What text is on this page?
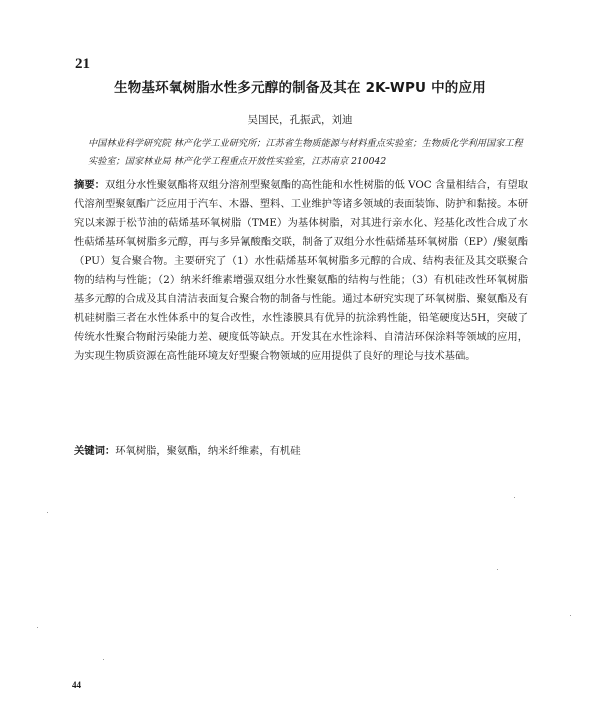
21
生物基环氧树脂水性多元醇的制备及其在 2K-WPU 中的应用
吴国民，孔振武，刘迪
中国林业科学研究院 林产化学工业研究所；江苏省生物质能源与材料重点实验室；生物质化学利用国家工程实验室；国家林业局 林产化学工程重点开放性实验室，江苏南京 210042
摘要：双组分水性聚氨酯将双组分溶剂型聚氨酯的高性能和水性树脂的低 VOC 含量相结合，有望取代溶剂型聚氨酯广泛应用于汽车、木器、塑料、工业维护等诸多领域的表面装饰、防护和黏接。本研究以来源于松节油的萜烯基环氧树脂（TME）为基体树脂，对其进行亲水化、羟基化改性合成了水性萜烯基环氧树脂多元醇，再与多异氰酸酯交联，制备了双组分水性萜烯基环氧树脂（EP）/聚氨酯（PU）复合聚合物。主要研究了（1）水性萜烯基环氧树脂多元醇的合成、结构表征及其交联聚合物的结构与性能；（2）纳米纤维素增强双组分水性聚氨酯的结构与性能；（3）有机硅改性环氧树脂基多元醇的合成及其自清洁表面复合聚合物的制备与性能。通过本研究实现了环氧树脂、聚氨酯及有机硅树脂三者在水性体系中的复合改性，水性漆膜具有优异的抗涂鸦性能，铅笔硬度达5H，突破了传统水性聚合物耐污染能力差、硬度低等缺点。开发其在水性涂料、自清洁环保涂料等领域的应用，为实现生物质资源在高性能环境友好型聚合物领域的应用提供了良好的理论与技术基础。
关键词：环氧树脂，聚氨酯，纳米纤维素，有机硅
44
